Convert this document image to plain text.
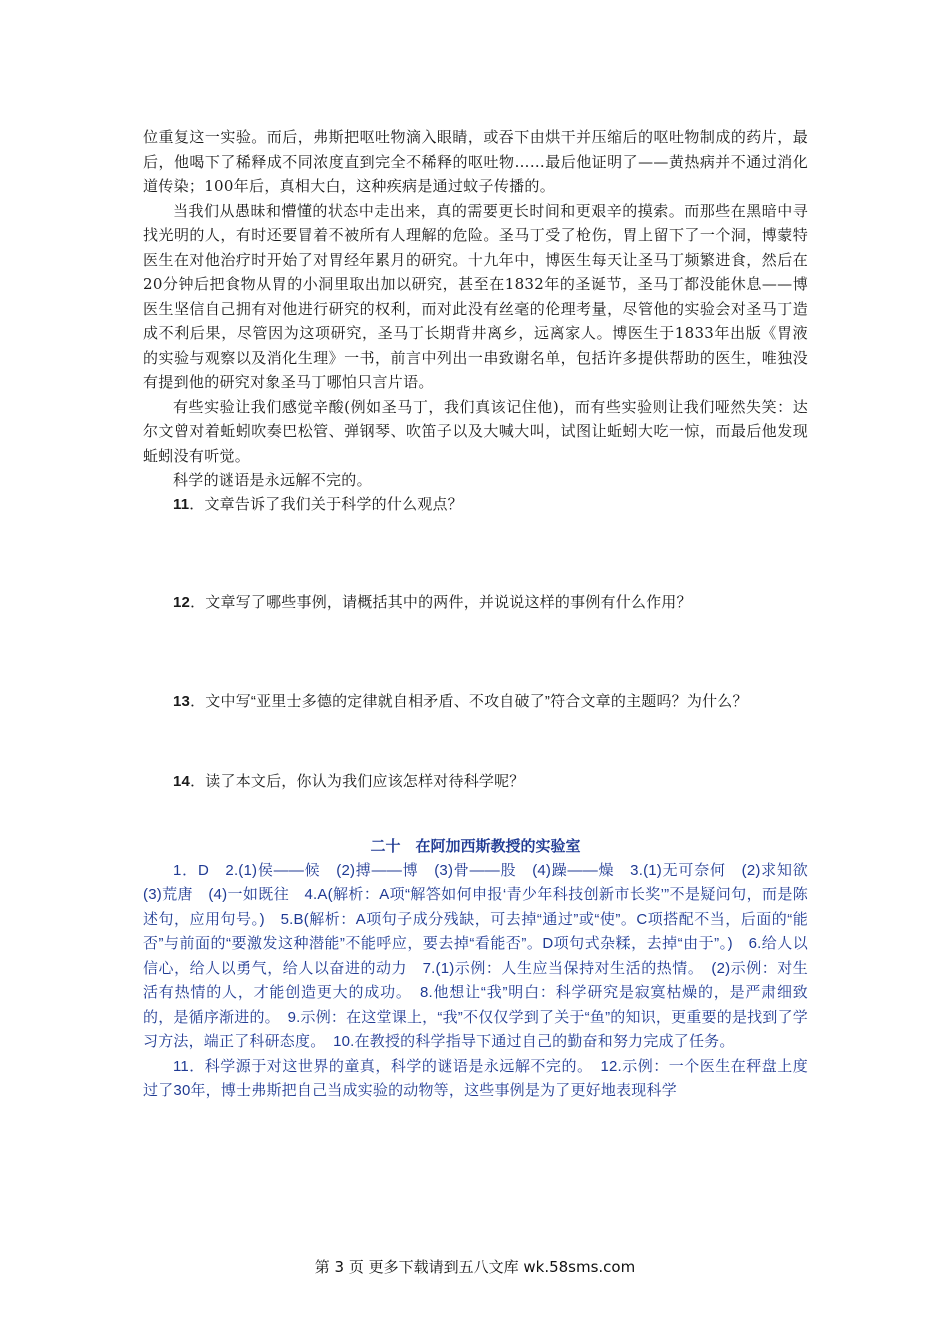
位重复这一实验。而后，弗斯把呕吐物滴入眼睛，或吞下由烘干并压缩后的呕吐物制成的药片，最后，他喝下了稀释成不同浓度直到完全不稀释的呕吐物……最后他证明了——黄热病并不通过消化道传染；100年后，真相大白，这种疾病是通过蚊子传播的。

当我们从愚昧和懵懂的状态中走出来，真的需要更长时间和更艰辛的摸索。而那些在黑暗中寻找光明的人，有时还要冒着不被所有人理解的危险。圣马丁受了枪伤，胃上留下了一个洞，博蒙特医生在对他治疗时开始了对胃经年累月的研究。十九年中，博医生每天让圣马丁频繁进食，然后在20分钟后把食物从胃的小洞里取出加以研究，甚至在1832年的圣诞节，圣马丁都没能休息——博医生坚信自己拥有对他进行研究的权利，而对此没有丝毫的伦理考量，尽管他的实验会对圣马丁造成不利后果，尽管因为这项研究，圣马丁长期背井离乡，远离家人。博医生于1833年出版《胃液的实验与观察以及消化生理》一书，前言中列出一串致谢名单，包括许多提供帮助的医生，唯独没有提到他的研究对象圣马丁哪怕只言片语。

有些实验让我们感觉辛酸(例如圣马丁，我们真该记住他)，而有些实验则让我们哑然失笑：达尔文曾对着蚯蚓吹奏巴松管、弹钢琴、吹笛子以及大喊大叫，试图让蚯蚓大吃一惊，而最后他发现蚯蚓没有听觉。

科学的谜语是永远解不完的。

11．文章告诉了我们关于科学的什么观点？

12．文章写了哪些事例，请概括其中的两件，并说说这样的事例有什么作用？

13．文中写“亚里士多德的定律就自相矛盾、不攻自破了”符合文章的主题吗？为什么？

14．读了本文后，你认为我们应该怎样对待科学呢？

二十　在阿加西斯教授的实验室

1．D　2.(1)侯——候　(2)搏——博　(3)骨——股　(4)躁——燥　3.(1)无可奈何　(2)求知欲　(3)荒唐　(4)一如既往　4.A(解析：A项“解答如何申报‘青少年科技创新市长奖’”不是疑问句，而是陈述句，应用句号。)　5.B(解析：A项句子成分残缺，可去掉“通过”或“使”。C项搭配不当，后面的“能否”与前面的“要激发这种潜能”不能呼应，要去掉“看能否”。D项句式杂糅，去掉“由于”。)　6.给人以信心，给人以勇气，给人以奋进的动力　7.(1)示例：人生应当保持对生活的热情。　(2)示例：对生活有热情的人，才能创造更大的成功。　8.他想让“我”明白：科学研究是寂寞枯燥的，是严肃细致的，是循序渐进的。　9.示例：在这堂课上，“我”不仅仅学到了关于“鱼”的知识，更重要的是找到了学习方法，端正了科研态度。　10.在教授的科学指导下通过自己的勤奋和努力完成了任务。

11．科学源于对这世界的童真，科学的谜语是永远解不完的。　12.示例：一个医生在秤盘上度过了30年，博士弗斯把自己当成实验的动物等，这些事例是为了更好地表现科学

第 3 页 更多下载请到五八文库 wk.58sms.com
